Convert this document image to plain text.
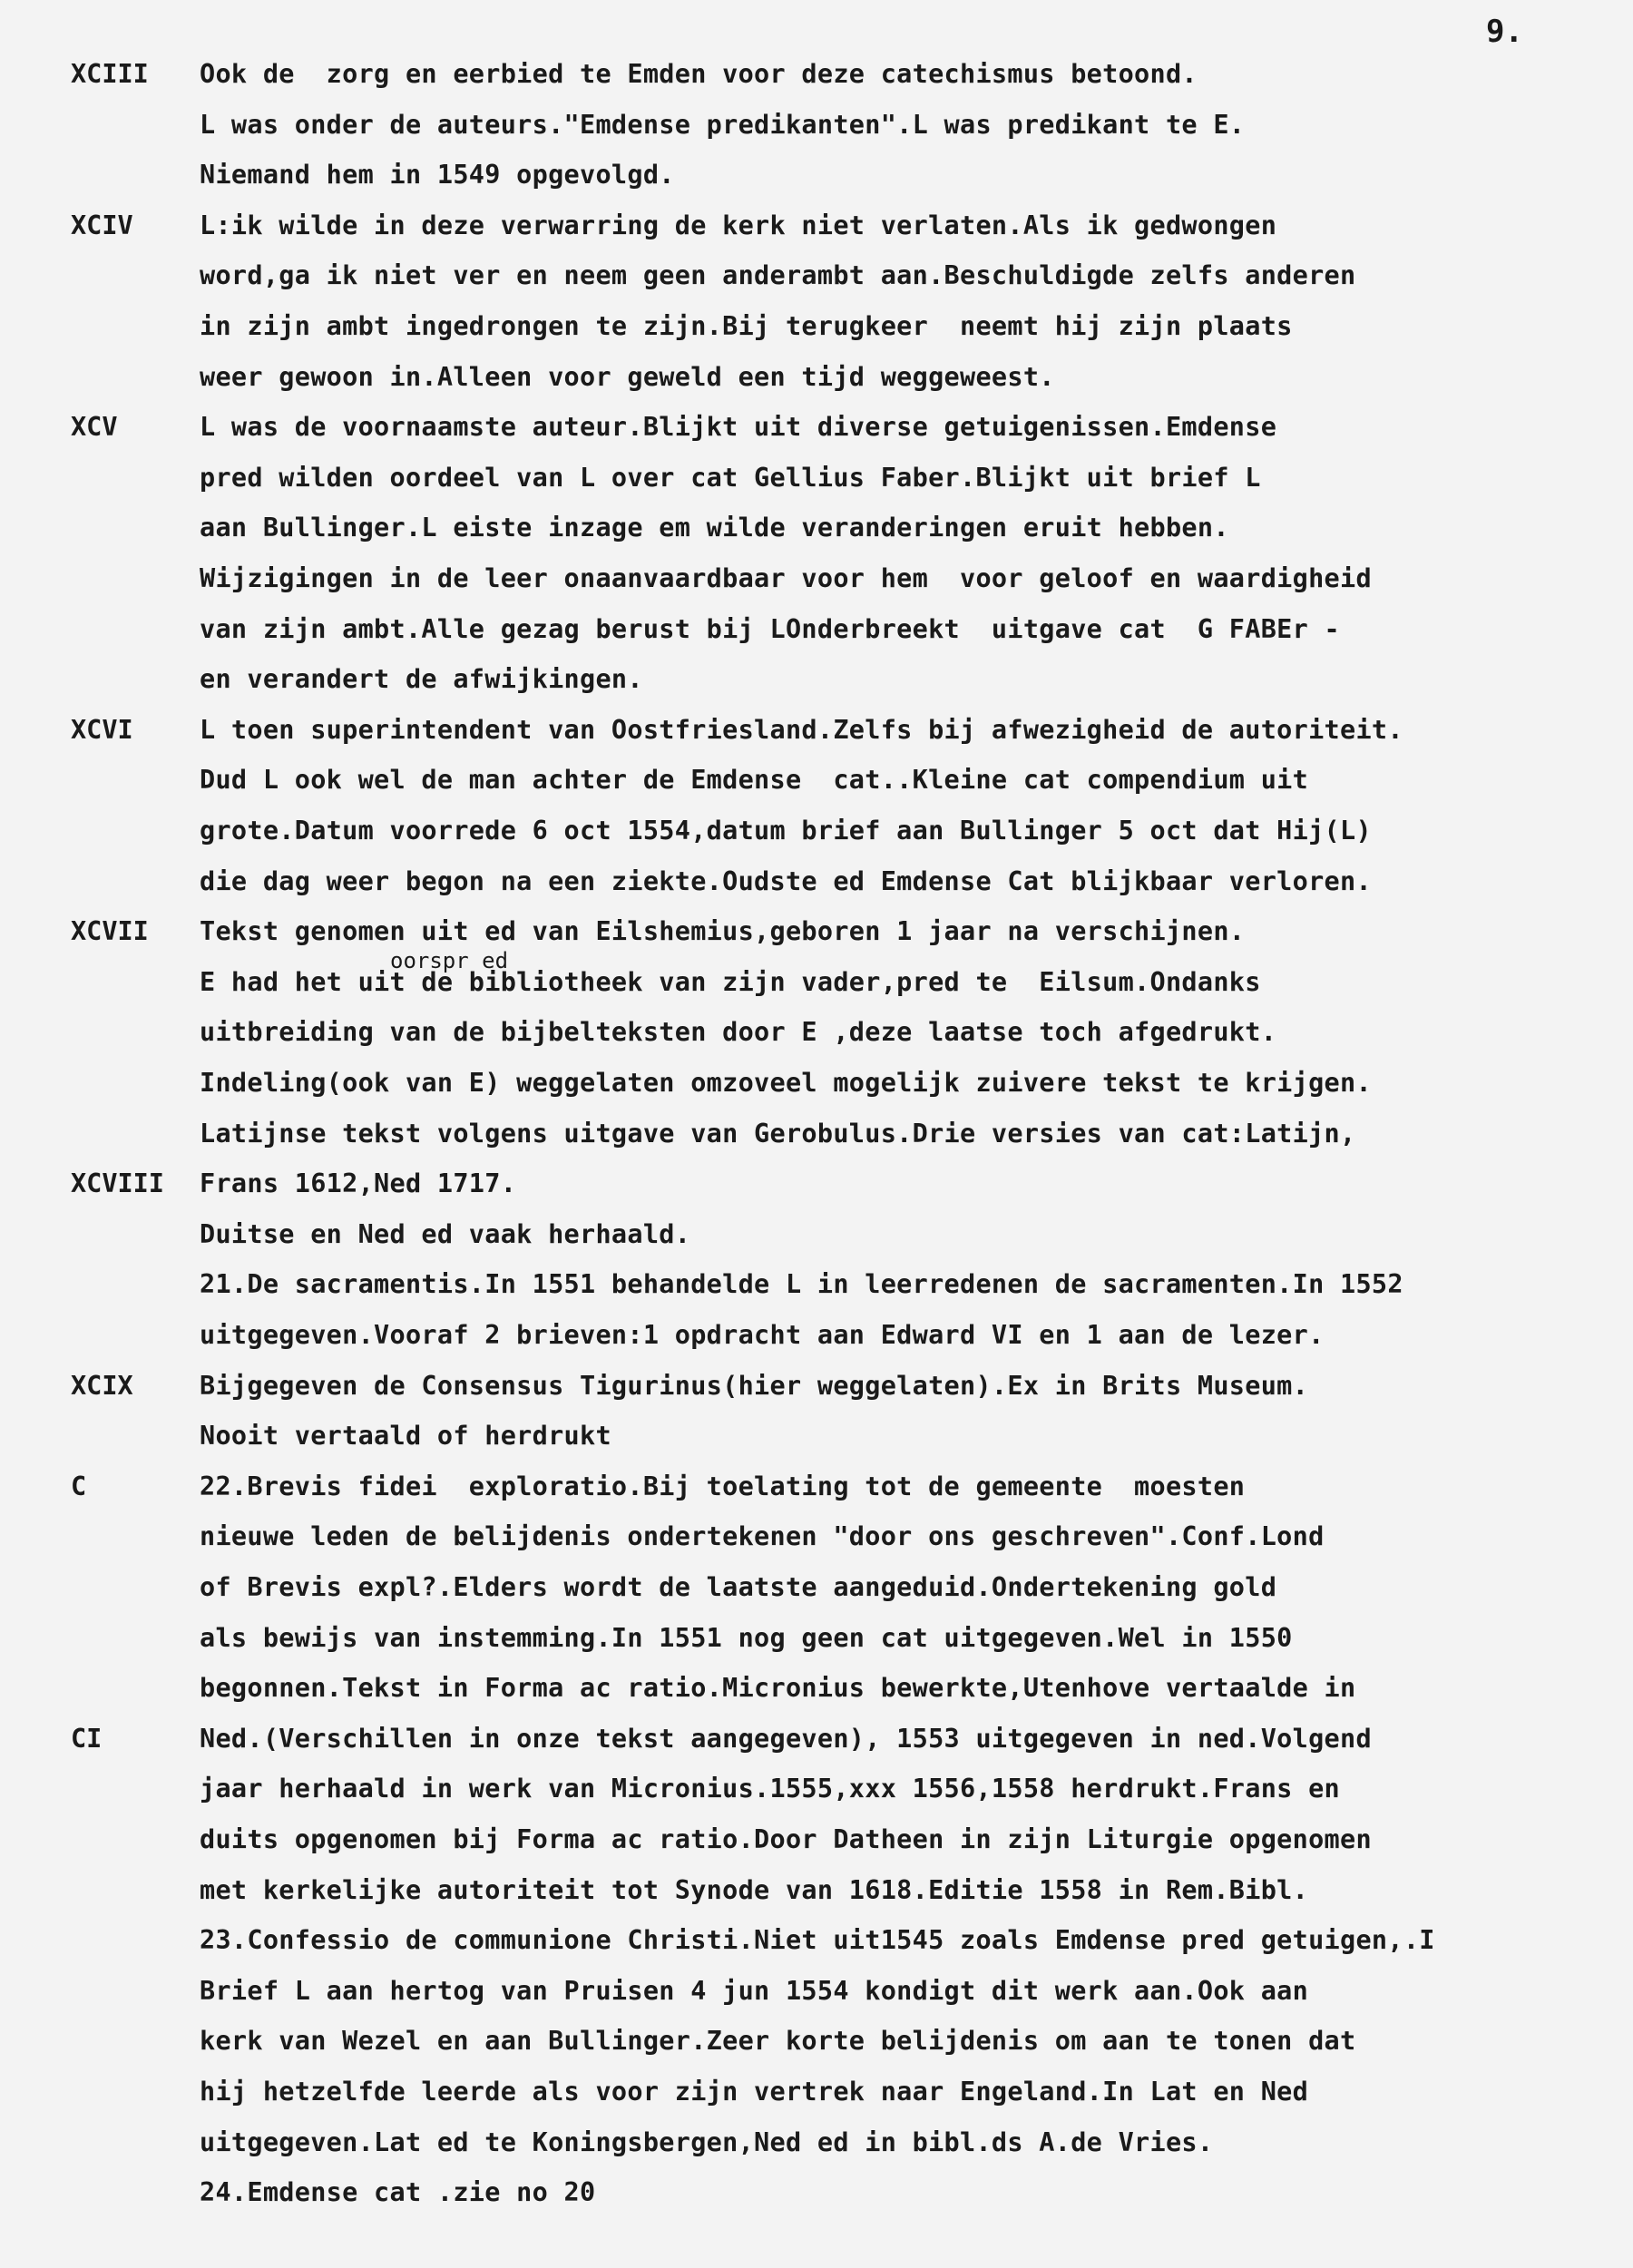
9.
oorspr ed
XCIII
XCIV
XCV
XCVI
XCVII
XCVIII
XCIX
C
CI
Ook de  zorg en eerbied te Emden voor deze catechismus betoond.
L was onder de auteurs."Emdense predikanten".L was predikant te E.
Niemand hem in 1549 opgevolgd.
L:ik wilde in deze verwarring de kerk niet verlaten.Als ik gedwongen
word,ga ik niet ver en neem geen anderambt aan.Beschuldigde zelfs anderen
in zijn ambt ingedrongen te zijn.Bij terugkeer  neemt hij zijn plaats
weer gewoon in.Alleen voor geweld een tijd weggeweest.
L was de voornaamste auteur.Blijkt uit diverse getuigenissen.Emdense
pred wilden oordeel van L over cat Gellius Faber.Blijkt uit brief L
aan Bullinger.L eiste inzage em wilde veranderingen eruit hebben.
Wijzigingen in de leer onaanvaardbaar voor hem  voor geloof en waardigheid
van zijn ambt.Alle gezag berust bij LOnderbreekt  uitgave cat  G FABEr -
en verandert de afwijkingen.
L toen superintendent van Oostfriesland.Zelfs bij afwezigheid de autoriteit.
Dud L ook wel de man achter de Emdense  cat..Kleine cat compendium uit
grote.Datum voorrede 6 oct 1554,datum brief aan Bullinger 5 oct dat Hij(L)
die dag weer begon na een ziekte.Oudste ed Emdense Cat blijkbaar verloren.
Tekst genomen uit ed van Eilshemius,geboren 1 jaar na verschijnen.
E had het uit de bibliotheek van zijn vader,pred te  Eilsum.Ondanks
uitbreiding van de bijbelteksten door E ,deze laatse toch afgedrukt.
Indeling(ook van E) weggelaten omzoveel mogelijk zuivere tekst te krijgen.
Latijnse tekst volgens uitgave van Gerobulus.Drie versies van cat:Latijn,
Frans 1612,Ned 1717.
Duitse en Ned ed vaak herhaald.
21.De sacramentis.In 1551 behandelde L in leerredenen de sacramenten.In 1552
uitgegeven.Vooraf 2 brieven:1 opdracht aan Edward VI en 1 aan de lezer.
Bijgegeven de Consensus Tigurinus(hier weggelaten).Ex in Brits Museum.
Nooit vertaald of herdrukt
22.Brevis fidei  exploratio.Bij toelating tot de gemeente  moesten
nieuwe leden de belijdenis ondertekenen "door ons geschreven".Conf.Lond
of Brevis expl?.Elders wordt de laatste aangeduid.Ondertekening gold
als bewijs van instemming.In 1551 nog geen cat uitgegeven.Wel in 1550
begonnen.Tekst in Forma ac ratio.Micronius bewerkte,Utenhove vertaalde in
Ned.(Verschillen in onze tekst aangegeven), 1553 uitgegeven in ned.Volgend
jaar herhaald in werk van Micronius.1555,xxx 1556,1558 herdrukt.Frans en
duits opgenomen bij Forma ac ratio.Door Datheen in zijn Liturgie opgenomen
met kerkelijke autoriteit tot Synode van 1618.Editie 1558 in Rem.Bibl.
23.Confessio de communione Christi.Niet uit1545 zoals Emdense pred getuigen,.I
Brief L aan hertog van Pruisen 4 jun 1554 kondigt dit werk aan.Ook aan
kerk van Wezel en aan Bullinger.Zeer korte belijdenis om aan te tonen dat
hij hetzelfde leerde als voor zijn vertrek naar Engeland.In Lat en Ned
uitgegeven.Lat ed te Koningsbergen,Ned ed in bibl.ds A.de Vries.
24.Emdense cat .zie no 20
